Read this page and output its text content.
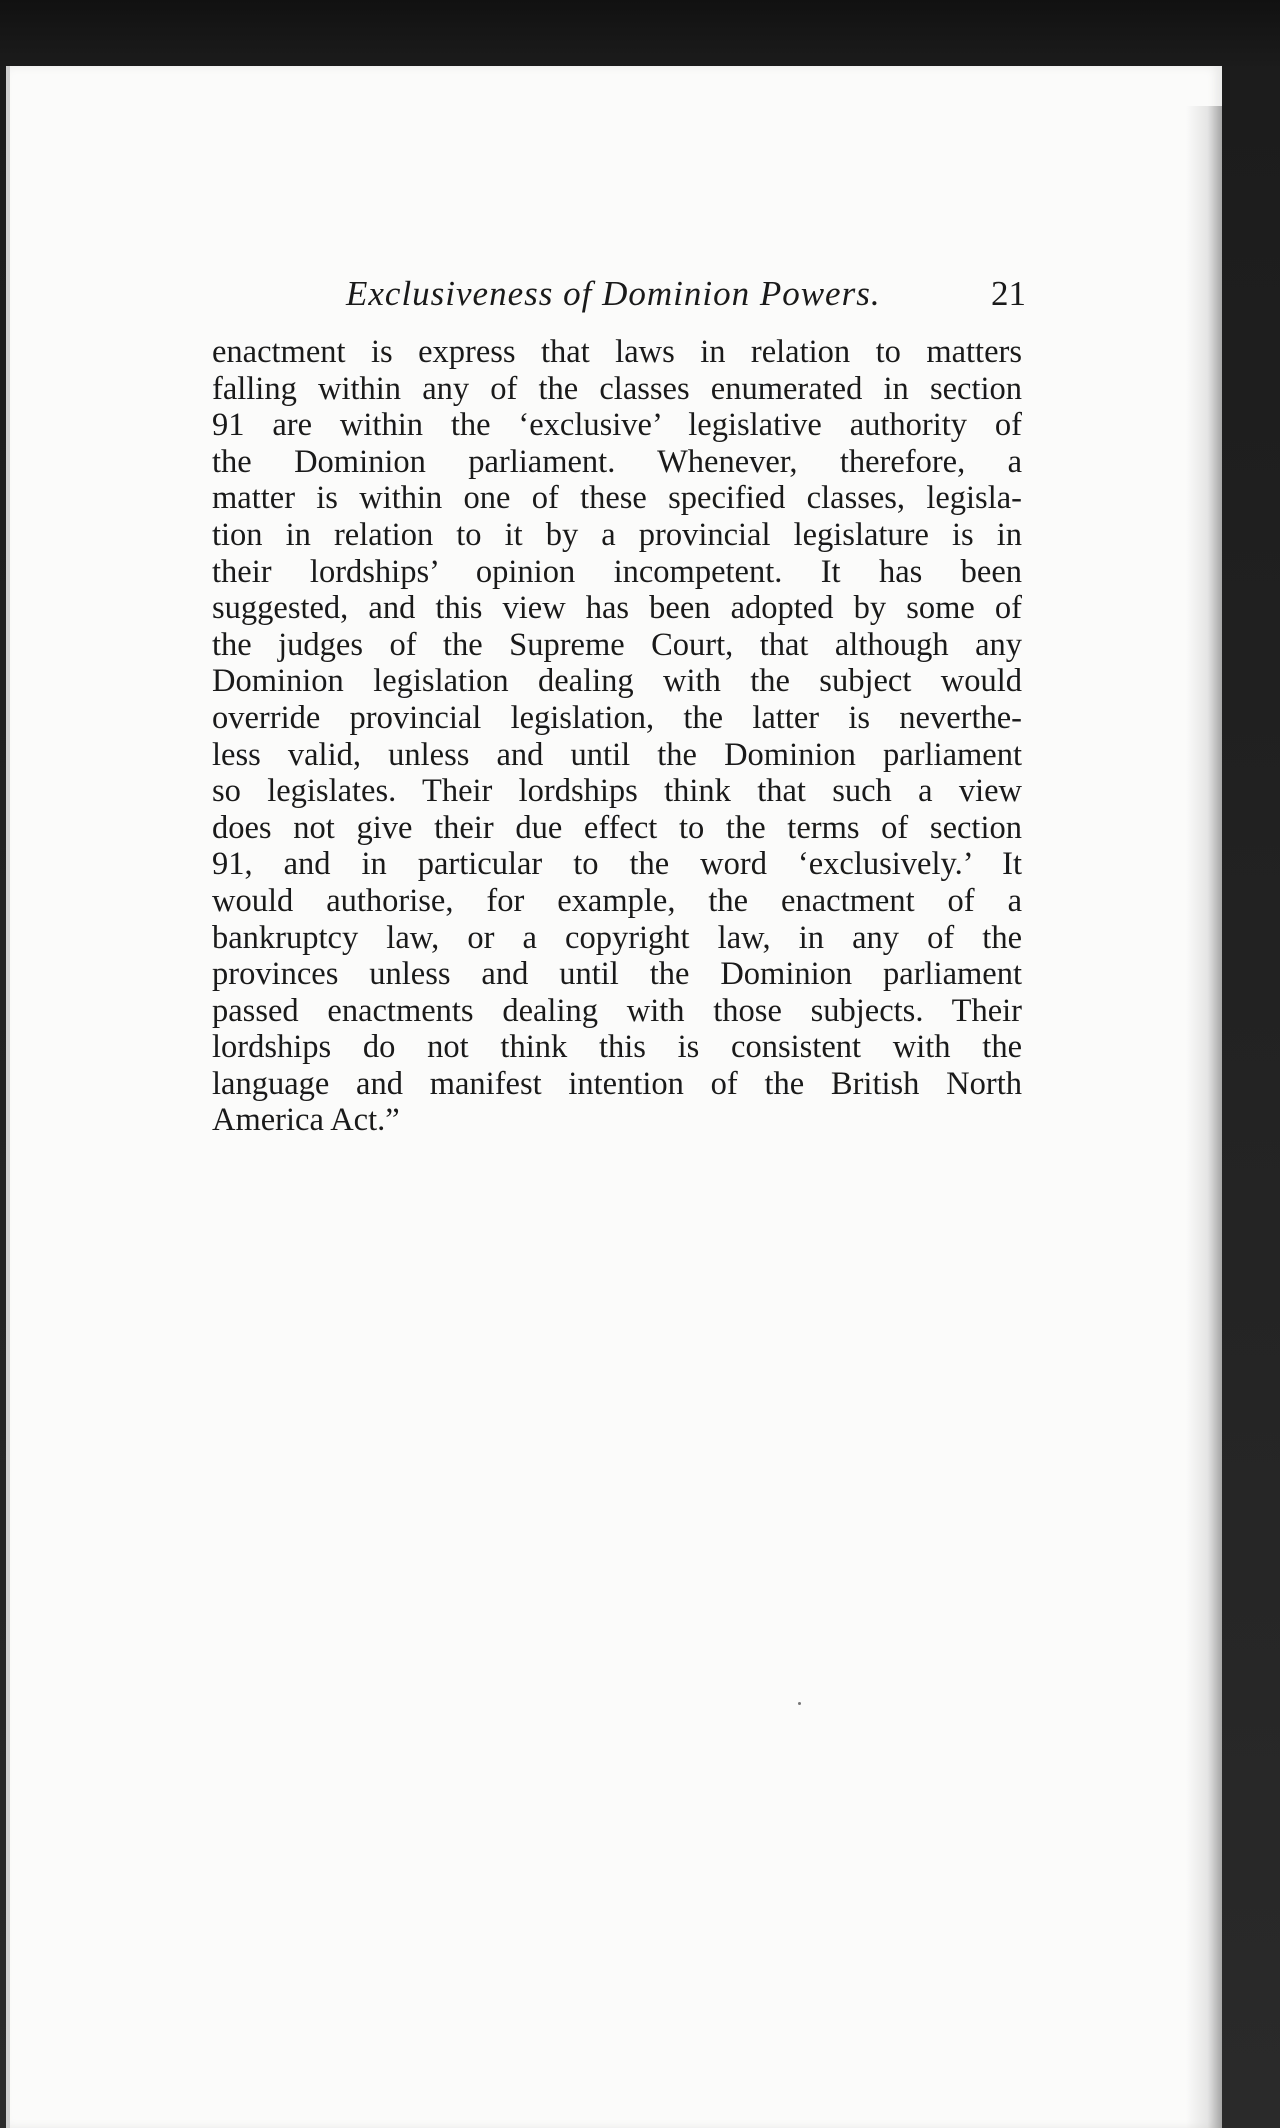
Exclusiveness of Dominion Powers.	21
enactment is express that laws in relation to matters
falling within any of the classes enumerated in section
91 are within the ‘exclusive’ legislative authority of
the Dominion parliament. Whenever, therefore, a
matter is within one of these specified classes, legisla-
tion in relation to it by a provincial legislature is in
their lordships’ opinion incompetent. It has been
suggested, and this view has been adopted by some of
the judges of the Supreme Court, that although any
Dominion legislation dealing with the subject would
override provincial legislation, the latter is neverthe-
less valid, unless and until the Dominion parliament
so legislates. Their lordships think that such a view
does not give their due effect to the terms of section
91, and in particular to the word ‘exclusively.’ It
would authorise, for example, the enactment of a
bankruptcy law, or a copyright law, in any of the
provinces unless and until the Dominion parliament
passed enactments dealing with those subjects. Their
lordships do not think this is consistent with the
language and manifest intention of the British North
America Act.”
